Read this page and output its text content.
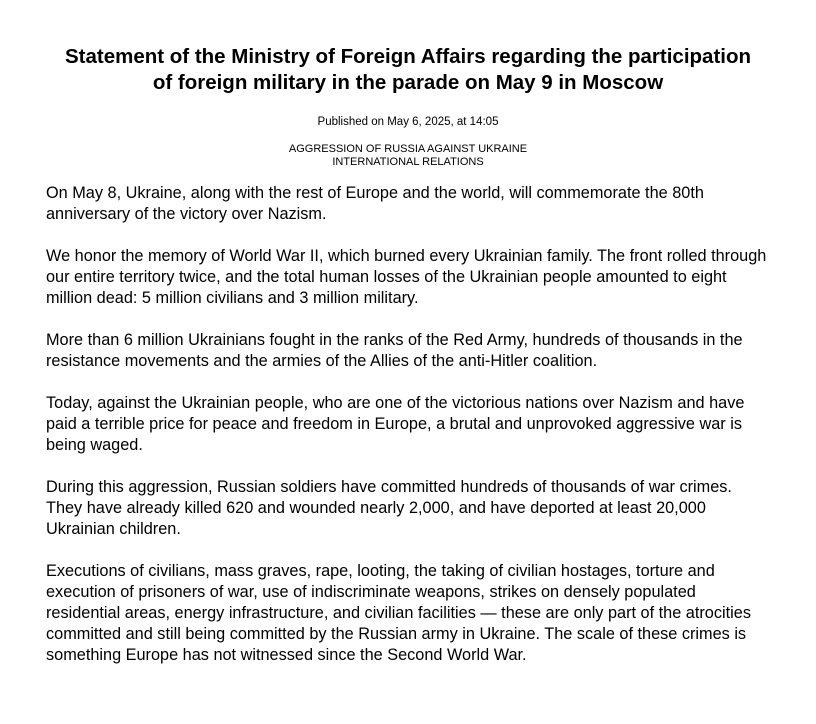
Statement of the Ministry of Foreign Affairs regarding the participation
of foreign military in the parade on May 9 in Moscow
Published on May 6, 2025, at 14:05
AGGRESSION OF RUSSIA AGAINST UKRAINE
INTERNATIONAL RELATIONS

On May 8, Ukraine, along with the rest of Europe and the world, will commemorate the 80th anniversary of the victory over Nazism.

We honor the memory of World War II, which burned every Ukrainian family. The front rolled through our entire territory twice, and the total human losses of the Ukrainian people amounted to eight million dead: 5 million civilians and 3 million military.

More than 6 million Ukrainians fought in the ranks of the Red Army, hundreds of thousands in the resistance movements and the armies of the Allies of the anti-Hitler coalition.

Today, against the Ukrainian people, who are one of the victorious nations over Nazism and have paid a terrible price for peace and freedom in Europe, a brutal and unprovoked aggressive war is being waged.

During this aggression, Russian soldiers have committed hundreds of thousands of war crimes. They have already killed 620 and wounded nearly 2,000, and have deported at least 20,000 Ukrainian children.

Executions of civilians, mass graves, rape, looting, the taking of civilian hostages, torture and execution of prisoners of war, use of indiscriminate weapons, strikes on densely populated residential areas, energy infrastructure, and civilian facilities — these are only part of the atrocities committed and still being committed by the Russian army in Ukraine. The scale of these crimes is something Europe has not witnessed since the Second World War.
